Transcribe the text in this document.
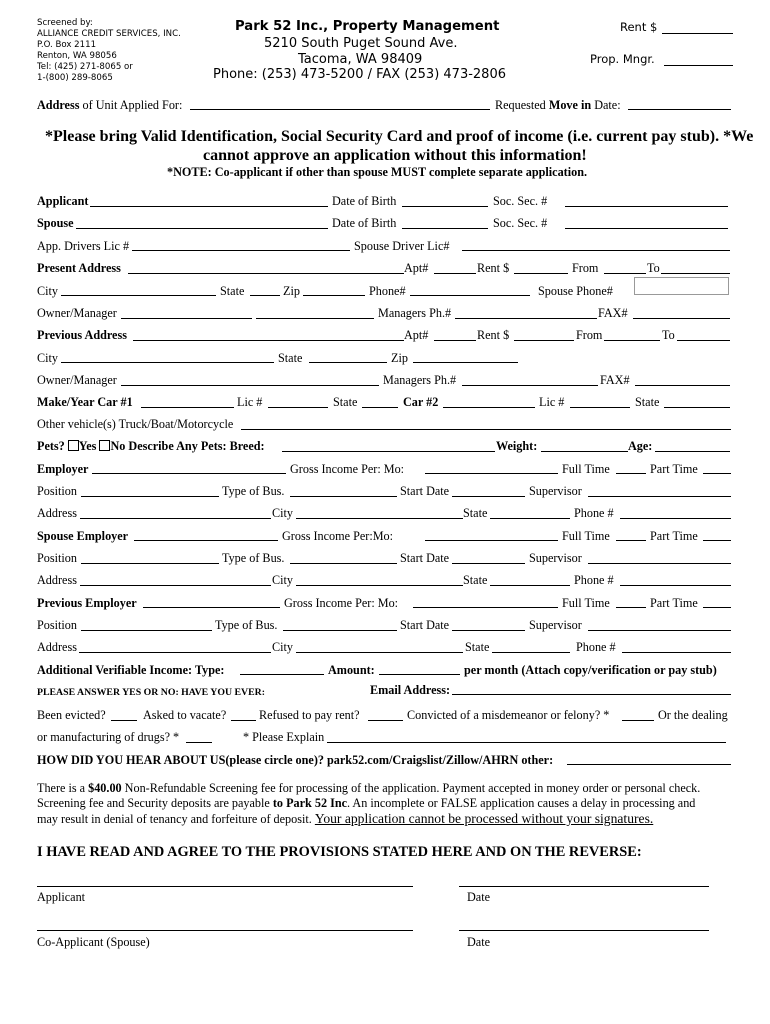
Screened by:
ALLIANCE CREDIT SERVICES, INC.
P.O. Box 2111
Renton, WA 98056
Tel: (425) 271-8065 or
1-(800) 289-8065
Park 52 Inc., Property Management
5210 South Puget Sound Ave.
Tacoma, WA 98409
Phone: (253) 473-5200 / FAX (253) 473-2806
Rent $
Prop. Mngr.
Address of Unit Applied For:	Requested Move in Date:
*Please bring Valid Identification, Social Security Card and proof of income (i.e. current pay stub). *We
cannot approve an application without this information!
*NOTE: Co-applicant if other than spouse MUST complete separate application.
Applicant	Date of Birth	Soc. Sec. #
Spouse	Date of Birth	Soc. Sec. #
App. Drivers Lic #	Spouse Driver Lic#
Present Address	Apt#	Rent $	From	To
City	State	Zip	Phone#	Spouse Phone#
Owner/Manager	Managers Ph.#	FAX#
Previous Address	Apt#	Rent $	From	To
City	State	Zip
Owner/Manager	Managers Ph.#	FAX#
Make/Year Car #1	Lic #	State	Car #2	Lic #	State
Other vehicle(s) Truck/Boat/Motorcycle
Pets? Yes No Describe Any Pets: Breed:	Weight:	Age:
Employer	Gross Income Per: Mo:	Full Time	Part Time
Position	Type of Bus.	Start Date	Supervisor
Address	City	State	Phone #
Spouse Employer	Gross Income Per:Mo:	Full Time	Part Time
Position	Type of Bus.	Start Date	Supervisor
Address	City	State	Phone #
Previous Employer	Gross Income Per: Mo:	Full Time	Part Time
Position	Type of Bus.	Start Date	Supervisor
Address	City	State	Phone #
Additional Verifiable Income: Type:	Amount:	per month (Attach copy/verification or pay stub)
PLEASE ANSWER YES OR NO: HAVE YOU EVER:	Email Address:
Been evicted?	Asked to vacate?	Refused to pay rent?	Convicted of a misdemeanor or felony? *	Or the dealing
or manufacturing of drugs? *	* Please Explain
HOW DID YOU HEAR ABOUT US(please circle one)? park52.com/Craigslist/Zillow/AHRN other:
There is a $40.00 Non-Refundable Screening fee for processing of the application. Payment accepted in money order or personal check.
Screening fee and Security deposits are payable to Park 52 Inc. An incomplete or FALSE application causes a delay in processing and
may result in denial of tenancy and forfeiture of deposit. Your application cannot be processed without your signatures.
I HAVE READ AND AGREE TO THE PROVISIONS STATED HERE AND ON THE REVERSE:
Applicant	Date
Co-Applicant (Spouse)	Date
